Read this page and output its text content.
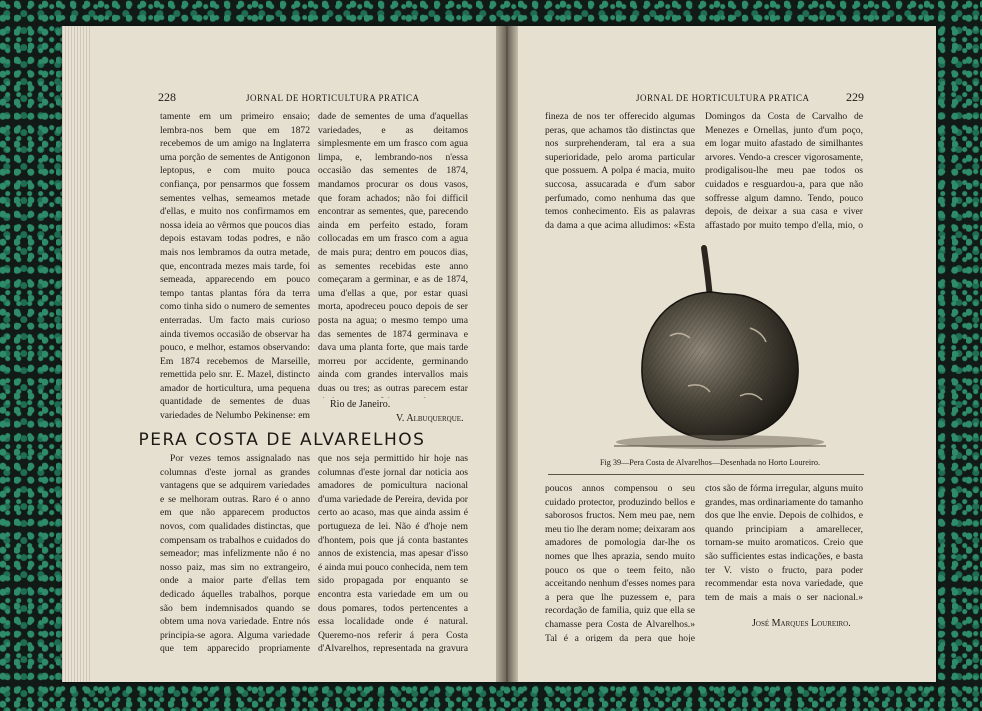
228	JORNAL DE HORTICULTURA PRATICA

tamente em um primeiro ensaio; lembra-nos bem que em 1872 recebemos de um amigo na Inglaterra uma porção de sementes de Antigonon leptopus, e com muito pouca confiança, por pensarmos que fossem sementes velhas, semeamos metade d'ellas, e muito nos confirmamos em nossa ideia ao vêrmos que poucos dias depois estavam todas podres, e não mais nos lembramos da outra metade, que, encontrada mezes mais tarde, foi semeada, apparecendo em pouco tempo tantas plantas fóra da terra como tinha sido o numero de sementes enterradas. Um facto mais curioso ainda tivemos occasião de observar ha pouco, e melhor, estamos observando: Em 1874 recebemos de Marseille, remettida pelo snr. E. Mazel, distincto amador de horticultura, uma pequena quantidade de sementes de duas variedades de Nelumbo Pekinense: em

dade de sementes de uma d'aquellas variedades, e as deitamos simplesmente em um frasco com agua limpa, e, lembrando-nos n'essa occasião das sementes de 1874, mandamos procurar os dous vasos, que foram achados; não foi difficil encontrar as sementes, que, parecendo ainda em perfeito estado, foram collocadas em um frasco com a agua de mais pura; dentro em poucos dias, as sementes recebidas este anno começaram a germinar, e as de 1874, uma d'ellas a que, por estar quasi morta, apodreceu pouco depois de ser posta na agua; o mesmo tempo uma das sementes de 1874 germinava e dava uma planta forte, que mais tarde morreu por accidente, germinando ainda com grandes intervallos mais duas ou tres; as outras parecem estar

Rio de Janeiro.
V. Albuquerque.
PERA COSTA DE ALVARELHOS

Por vezes temos assignalado nas columnas d'este jornal as grandes vantagens que se adquirem variedades e se melhoram outras. Raro é o anno em que não apparecem productos novos, com qualidades distinctas, que compensam os trabalhos e cuidados do semeador; mas infelizmente não é no nosso paiz, mas sim no extrangeiro, onde a maior parte d'ellas tem dedicado áquelles trabalhos, porque são bem indemnisados quando se obtem uma nova variedade. Entre nós principia-se agora. Alguma variedade que tem apparecido propriamente

que nos seja permittido hir hoje nas columnas d'este jornal dar noticia aos amadores de pomicultura nacional d'uma variedade de Pereira, devida por certo ao acaso, mas que ainda assim é portugueza de lei. Não é d'hoje nem d'hontem, pois que já conta bastantes annos de existencia, mas apesar d'isso é ainda mui pouco conhecida, nem tem sido propagada por enquanto se encontra esta variedade em um ou dous pomares, todos pertencentes a essa localidade onde é natural. Queremo-nos referir á pera Costa d'Alvarelhos, representada na gravura

JORNAL DE HORTICULTURA PRATICA	229

fineza de nos ter offerecido algumas peras, que achamos tão distinctas que nos surprehenderam, tal era a sua superioridade, pelo aroma particular que possuem. A polpa é macia, muito succosa, assucarada e d'um sabor perfumado, como nenhuma das que temos conhecimento. Eis as palavras da dama a que acima alludimos: «Esta

Domingos da Costa de Carvalho de Menezes e Ornellas, junto d'um poço, em logar muito afastado de similhantes arvores. Vendo-a crescer vigorosamente, prodigalisou-lhe meu pae todos os cuidados e resguardou-a, para que não soffresse algum damno. Tendo, pouco depois, de deixar a sua casa e viver affastado por muito tempo d'ella, mio, o

Fig 39—Pera Costa de Alvarelhos—Desenhada no Horto Loureiro.

poucos annos compensou o seu cuidado protector, produzindo bellos e saborosos fructos. Nem meu pae, nem meu tio lhe deram nome; deixaram aos amadores de pomologia dar-lhe os nomes que lhes aprazia, sendo muito pouco os que o teem feito, não acceitando nenhum d'esses nomes para a pera que lhe puzessem e, para recordação de familia, quiz que ella se chamasse pera Costa de Alvarelhos.» Tal é a origem da pera que hoje

ctos são de fórma irregular, alguns muito grandes, mas ordinariamente do tamanho dos que lhe envie. Depois de colhidos, e quando principiam a amarellecer, tornam-se muito aromaticos. Creio que são sufficientes estas indicações, e basta ter V. visto o fructo, para poder recommendar esta nova variedade, que tem de mais a mais o ser nacional.»

José Marques Loureiro.
